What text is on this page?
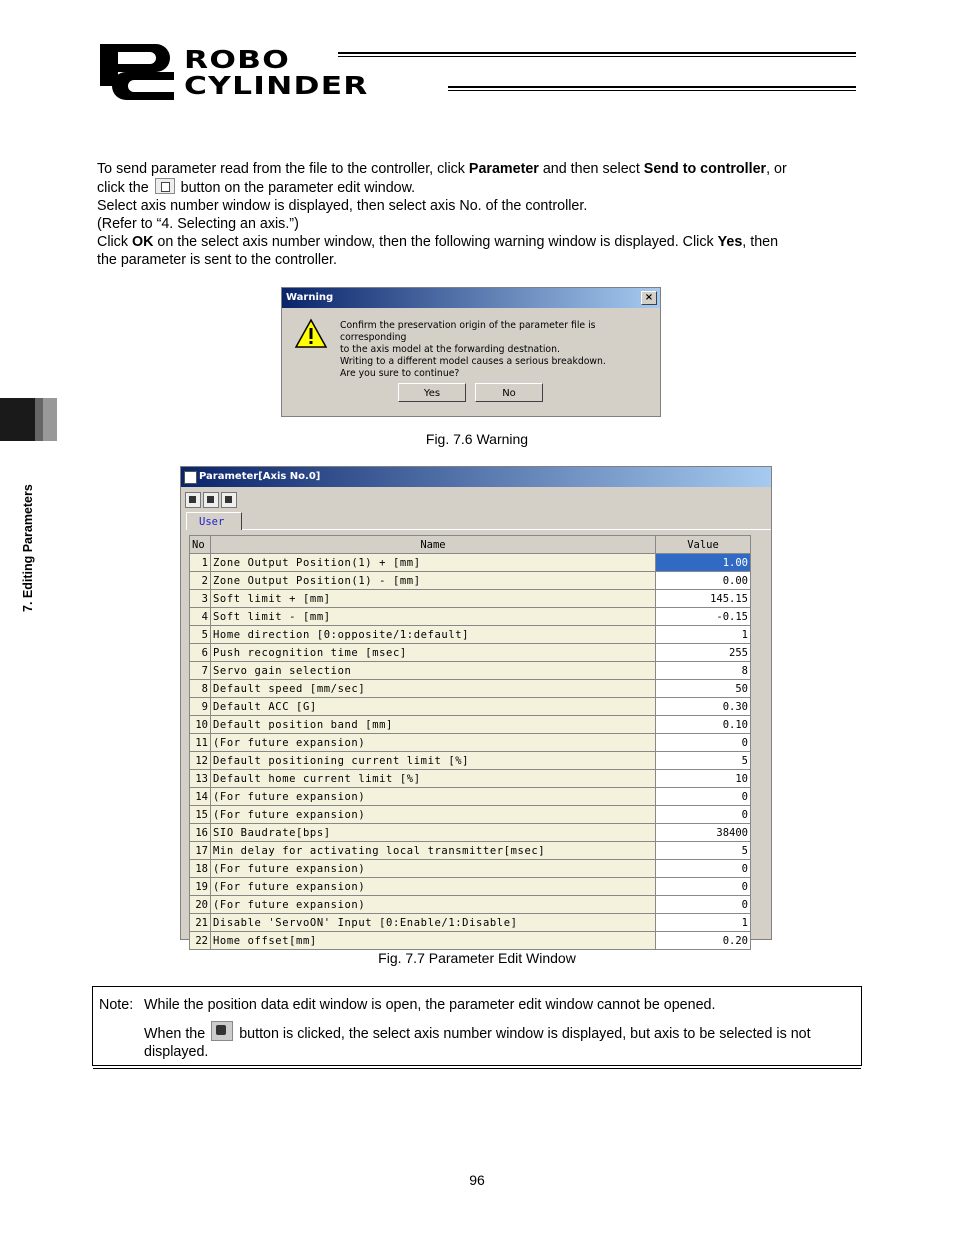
ROBO
CYLINDER
7. Editing Parameters
To send parameter read from the file to the controller, click Parameter and then select Send to controller, or
click the button on the parameter edit window.
Select axis number window is displayed, then select axis No. of the controller.
(Refer to “4. Selecting an axis.”)
Click OK on the select axis number window, then the following warning window is displayed. Click Yes, then
the parameter is sent to the controller.
Warning	×
Confirm the preservation origin of the parameter file is corresponding
to the axis model at the forwarding destnation.
Writing to a different model causes a serious breakdown.
Are you sure to continue?
Yes	No
Fig. 7.6 Warning
Parameter[Axis No.0]
User
No	Name	Value
1	Zone Output Position(1) + [mm]	1.00
2	Zone Output Position(1) - [mm]	0.00
3	Soft limit + [mm]	145.15
4	Soft limit - [mm]	-0.15
5	Home direction [0:opposite/1:default]	1
6	Push recognition time [msec]	255
7	Servo gain selection	8
8	Default speed [mm/sec]	50
9	Default ACC [G]	0.30
10	Default position band [mm]	0.10
11	(For future expansion)	0
12	Default positioning current limit [%]	5
13	Default home current limit [%]	10
14	(For future expansion)	0
15	(For future expansion)	0
16	SIO Baudrate[bps]	38400
17	Min delay for activating local transmitter[msec]	5
18	(For future expansion)	0
19	(For future expansion)	0
20	(For future expansion)	0
21	Disable 'ServoON' Input [0:Enable/1:Disable]	1
22	Home offset[mm]	0.20
Fig. 7.7 Parameter Edit Window
Note: While the position data edit window is open, the parameter edit window cannot be opened.
When the button is clicked, the select axis number window is displayed, but axis to be selected is not displayed.
96
